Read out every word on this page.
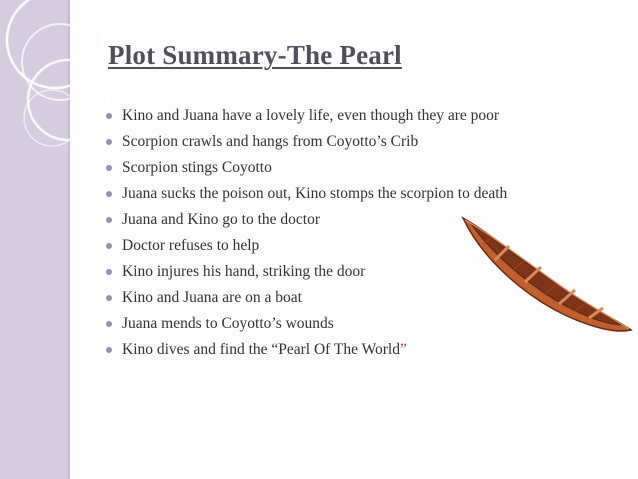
Plot Summary-The Pearl
Kino and Juana have a lovely life, even though they are poor
Scorpion crawls and hangs from Coyotto’s Crib
Scorpion stings Coyotto
Juana sucks the poison out, Kino stomps the scorpion to death
Juana and Kino go to the doctor
Doctor refuses to help
Kino injures his hand, striking the door
Kino and Juana are on a boat
Juana mends to Coyotto’s wounds
Kino dives and find the “Pearl Of The World”
